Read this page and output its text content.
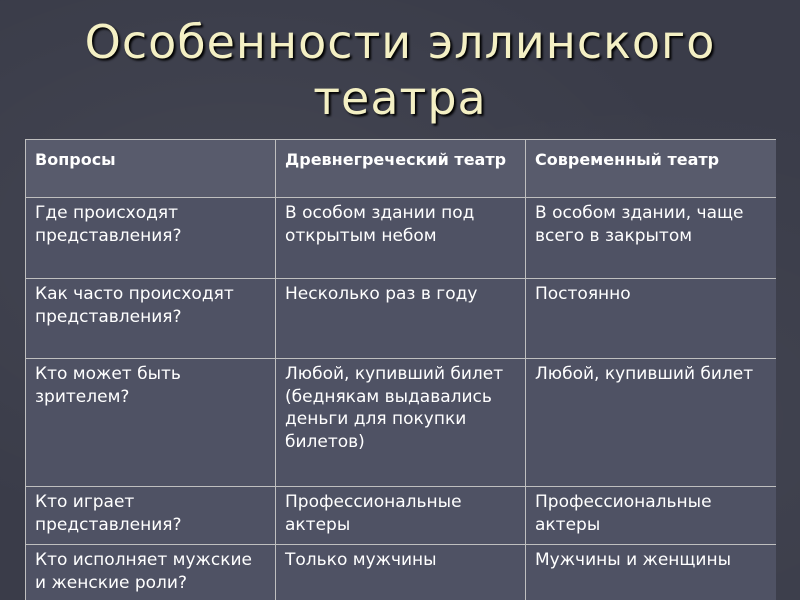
Особенности эллинского
театра
Вопросы	Древнегреческий театр	Современный театр
Где происходят представления?	В особом здании под открытым небом	В особом здании, чаще всего в закрытом
Как часто происходят представления?	Несколько раз в году	Постоянно
Кто может быть зрителем?	Любой, купивший билет (беднякам выдавались деньги для покупки билетов)	Любой, купивший билет
Кто играет представления?	Профессиональные актеры	Профессиональные актеры
Кто исполняет мужские и женские роли?	Только мужчины	Мужчины и женщины
